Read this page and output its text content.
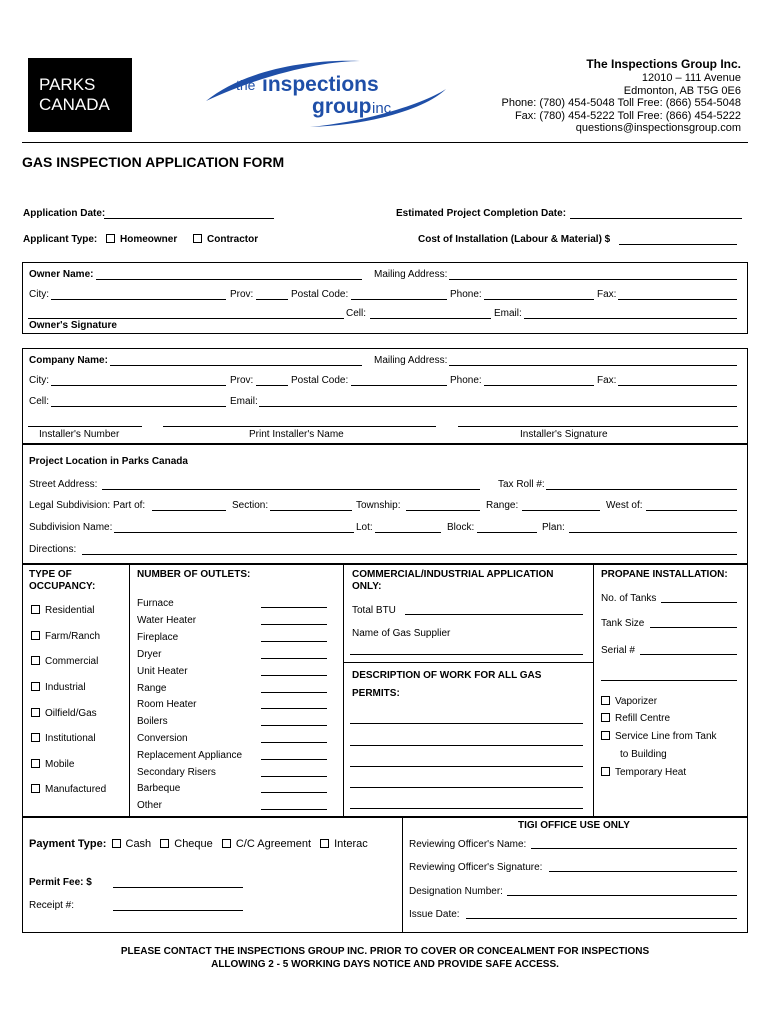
PARKS
CANADA
the inspections
group inc.
The Inspections Group Inc.
12010 – 111 Avenue
Edmonton, AB T5G 0E6
Phone: (780) 454-5048 Toll Free: (866) 554-5048
Fax: (780) 454-5222 Toll Free: (866) 454-5222
questions@inspectionsgroup.com
GAS INSPECTION APPLICATION FORM
Application Date:	Estimated Project Completion Date:
Applicant Type:	Homeowner	Contractor	Cost of Installation (Labour & Material) $
Owner Name:	Mailing Address:
City:	Prov:	Postal Code:	Phone:	Fax:
Cell:	Email:
Owner's Signature
Company Name:	Mailing Address:
City:	Prov:	Postal Code:	Phone:	Fax:
Cell:	Email:
Installer's Number	Print Installer's Name	Installer's Signature
Project Location in Parks Canada
Street Address:	Tax Roll #:
Legal Subdivision: Part of:	Section:	Township:	Range:	West of:
Subdivision Name:	Lot:	Block:	Plan:
Directions:
TYPE OF
OCCUPANCY:
Residential
Farm/Ranch
Commercial
Industrial
Oilfield/Gas
Institutional
Mobile
Manufactured
NUMBER OF OUTLETS:
Furnace
Water Heater
Fireplace
Dryer
Unit Heater
Range
Room Heater
Boilers
Conversion
Replacement Appliance
Secondary Risers
Barbeque
Other
COMMERCIAL/INDUSTRIAL APPLICATION
ONLY:
Total BTU
Name of Gas Supplier
DESCRIPTION OF WORK FOR ALL GAS
PERMITS:
PROPANE INSTALLATION:
No. of Tanks
Tank Size
Serial #
Vaporizer
Refill Centre
Service Line from Tank
to Building
Temporary Heat
Payment Type: Cash Cheque C/C Agreement Interac
Permit Fee: $
Receipt #:
TIGI OFFICE USE ONLY
Reviewing Officer's Name:
Reviewing Officer's Signature:
Designation Number:
Issue Date:
PLEASE CONTACT THE INSPECTIONS GROUP INC. PRIOR TO COVER OR CONCEALMENT FOR INSPECTIONS
ALLOWING 2 - 5 WORKING DAYS NOTICE AND PROVIDE SAFE ACCESS.
